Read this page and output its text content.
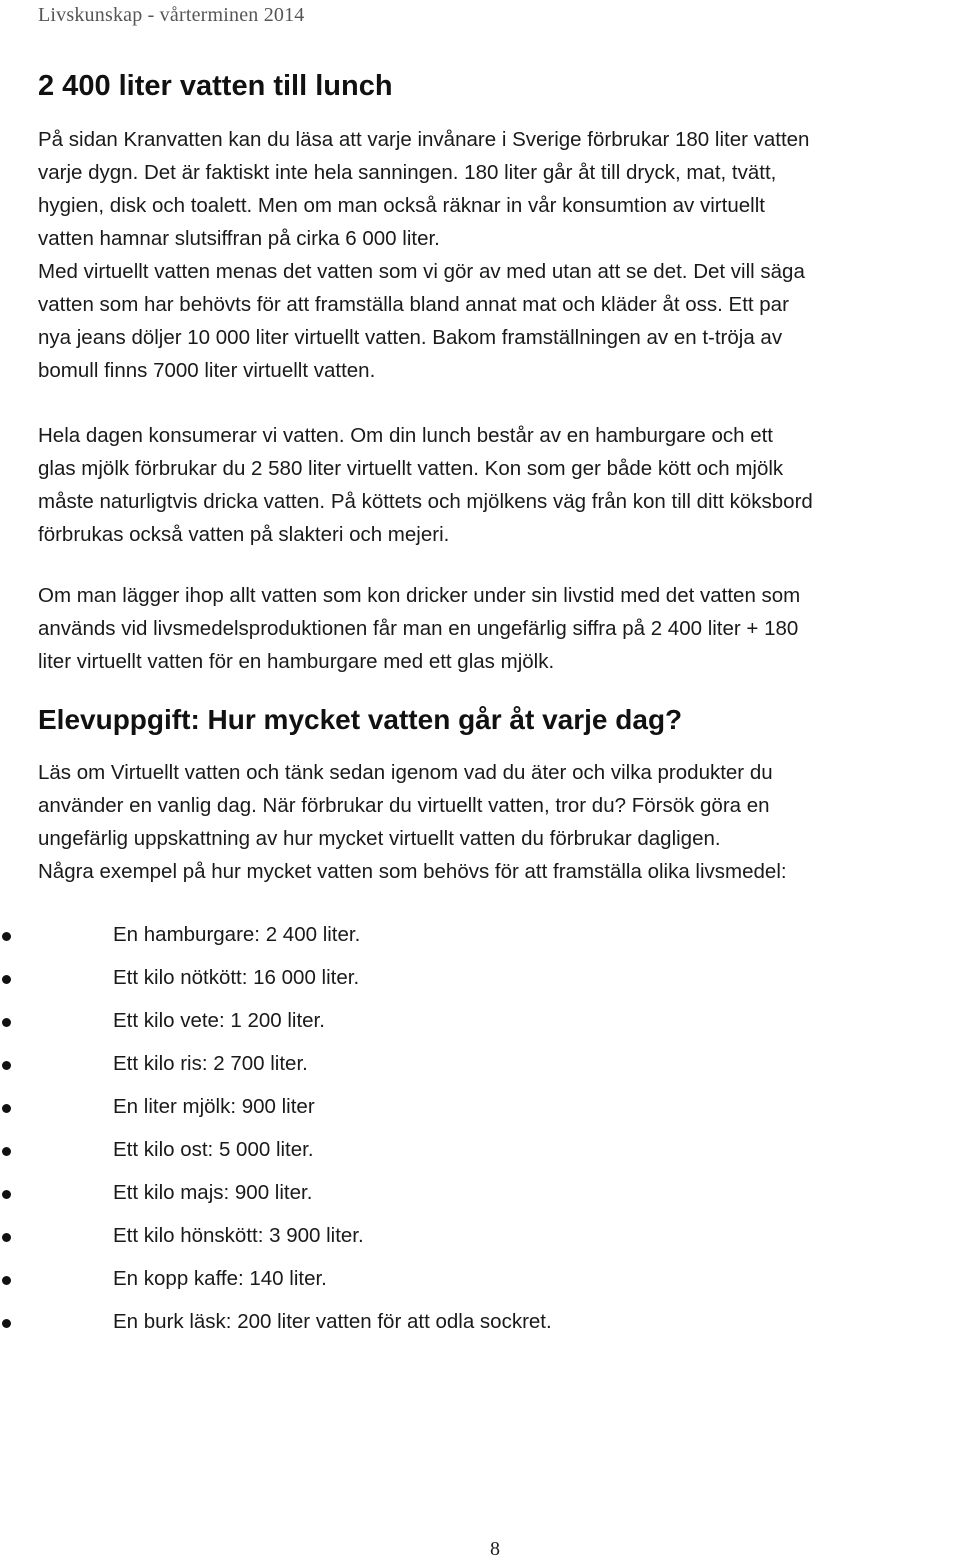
Livskunskap - vårterminen 2014
2 400 liter vatten till lunch

På sidan Kranvatten kan du läsa att varje invånare i Sverige förbrukar 180 liter vatten
varje dygn. Det är faktiskt inte hela sanningen. 180 liter går åt till dryck, mat, tvätt,
hygien, disk och toalett. Men om man också räknar in vår konsumtion av virtuellt
vatten hamnar slutsiffran på cirka 6 000 liter.
Med virtuellt vatten menas det vatten som vi gör av med utan att se det. Det vill säga
vatten som har behövts för att framställa bland annat mat och kläder åt oss. Ett par
nya jeans döljer 10 000 liter virtuellt vatten. Bakom framställningen av en t-tröja av
bomull finns 7000 liter virtuellt vatten.

Hela dagen konsumerar vi vatten. Om din lunch består av en hamburgare och ett
glas mjölk förbrukar du 2 580 liter virtuellt vatten. Kon som ger både kött och mjölk
måste naturligtvis dricka vatten. På köttets och mjölkens väg från kon till ditt köksbord
förbrukas också vatten på slakteri och mejeri.

Om man lägger ihop allt vatten som kon dricker under sin livstid med det vatten som
används vid livsmedelsproduktionen får man en ungefärlig siffra på 2 400 liter + 180
liter virtuellt vatten för en hamburgare med ett glas mjölk.

Elevuppgift: Hur mycket vatten går åt varje dag?

Läs om Virtuellt vatten och tänk sedan igenom vad du äter och vilka produkter du
använder en vanlig dag. När förbrukar du virtuellt vatten, tror du? Försök göra en
ungefärlig uppskattning av hur mycket virtuellt vatten du förbrukar dagligen.
Några exempel på hur mycket vatten som behövs för att framställa olika livsmedel:

En hamburgare: 2 400 liter.
Ett kilo nötkött: 16 000 liter.
Ett kilo vete: 1 200 liter.
Ett kilo ris: 2 700 liter.
En liter mjölk: 900 liter
Ett kilo ost: 5 000 liter.
Ett kilo majs: 900 liter.
Ett kilo hönskött: 3 900 liter.
En kopp kaffe: 140 liter.
En burk läsk: 200 liter vatten för att odla sockret.
8
